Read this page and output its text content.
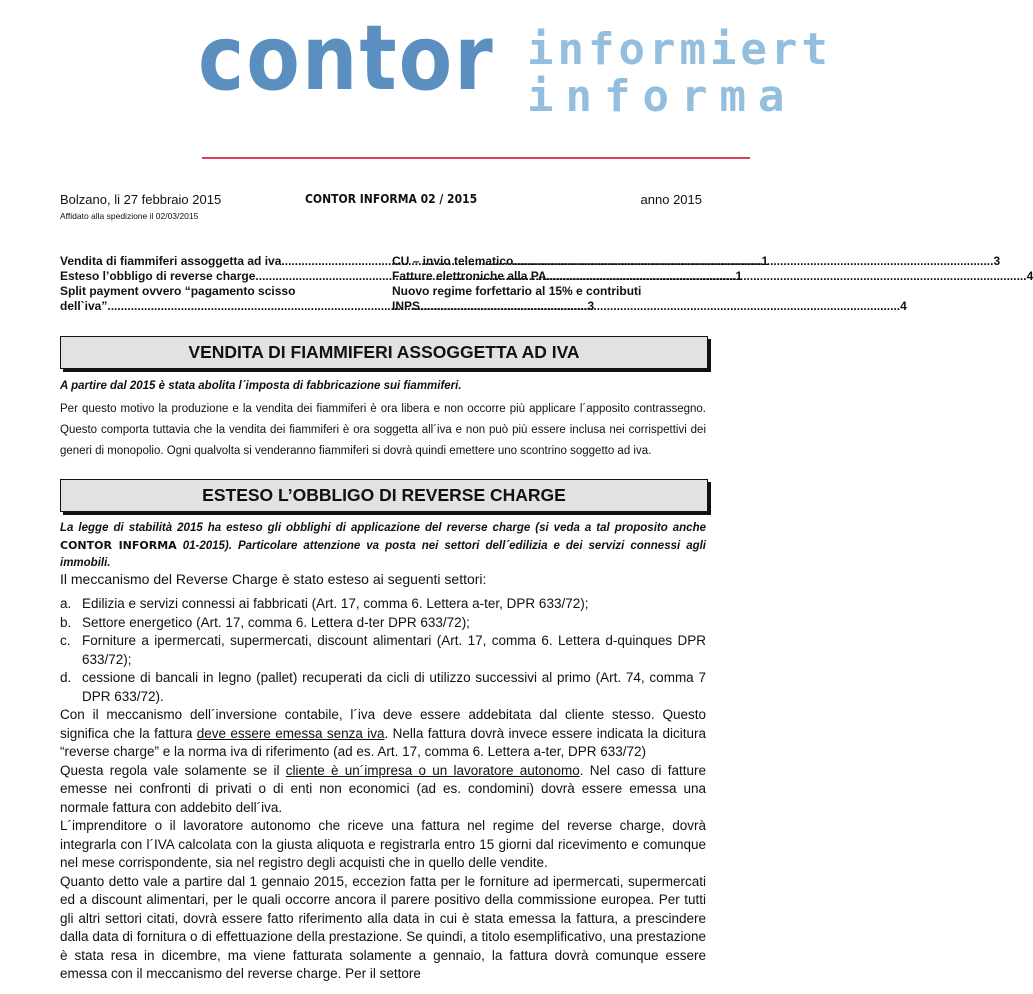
contor informiert
informa
Bolzano, li 27 febbraio 2015	CONTOR INFORMA 02 / 2015	anno 2015
Affidato alla spedizione il 02/03/2015
Vendita di fiammiferi assoggetta ad iva .....	1
Esteso l’obbligo di reverse charge .....	1
Split payment ovvero “pagamento scisso
dell`iva” .....	3
CU – invio telematico .....	3
Fatture elettroniche alla PA .....	4
Nuovo regime forfettario al 15% e contributi
INPS .....	4
VENDITA DI FIAMMIFERI ASSOGGETTA AD IVA
A partire dal 2015 è stata abolita l´imposta di fabbricazione sui fiammiferi.
Per questo motivo la produzione e la vendita dei fiammiferi è ora libera e non occorre più applicare l´apposito contrassegno. Questo comporta tuttavia che la vendita dei fiammiferi è ora soggetta all´iva e non può più essere inclusa nei corrispettivi dei generi di monopolio. Ogni qualvolta si venderanno fiammiferi si dovrà quindi emettere uno scontrino soggetto ad iva.
ESTESO L’OBBLIGO DI REVERSE CHARGE
La legge di stabilità 2015 ha esteso gli obblighi di applicazione del reverse charge (si veda a tal proposito anche CONTOR INFORMA 01-2015). Particolare attenzione va posta nei settori dell´edilizia e dei servizi connessi agli immobili.
Il meccanismo del Reverse Charge è stato esteso ai seguenti settori:
a. Edilizia e servizi connessi ai fabbricati (Art. 17, comma 6. Lettera a-ter, DPR 633/72);
b. Settore energetico (Art. 17, comma 6. Lettera d-ter DPR 633/72);
c. Forniture a ipermercati, supermercati, discount alimentari (Art. 17, comma 6. Lettera d-quinques DPR 633/72);
d. cessione di bancali in legno (pallet) recuperati da cicli di utilizzo successivi al primo (Art. 74, comma 7 DPR 633/72).

Con il meccanismo dell´inversione contabile, l´iva deve essere addebitata dal cliente stesso. Questo significa che la fattura deve essere emessa senza iva. Nella fattura dovrà invece essere indicata la dicitura “reverse charge” e la norma iva di riferimento (ad es. Art. 17, comma 6. Lettera a-ter, DPR 633/72)

Questa regola vale solamente se il cliente è un´impresa o un lavoratore autonomo. Nel caso di fatture emesse nei confronti di privati o di enti non economici (ad es. condomini) dovrà essere emessa una normale fattura con addebito dell´iva.

L´imprenditore o il lavoratore autonomo che riceve una fattura nel regime del reverse charge, dovrà integrarla con l´IVA calcolata con la giusta aliquota e registrarla entro 15 giorni dal ricevimento e comunque nel mese corrispondente, sia nel registro degli acquisti che in quello delle vendite.

Quanto detto vale a partire dal 1 gennaio 2015, eccezion fatta per le forniture ad ipermercati, supermercati ed a discount alimentari, per le quali occorre ancora il parere positivo della commissione europea. Per tutti gli altri settori citati, dovrà essere fatto riferimento alla data in cui è stata emessa la fattura, a prescindere dalla data di fornitura o di effettuazione della prestazione. Se quindi, a titolo esemplificativo, una prestazione è stata resa in dicembre, ma viene fatturata solamente a gennaio, la fattura dovrà comunque essere emessa con il meccanismo del reverse charge. Per il settore
